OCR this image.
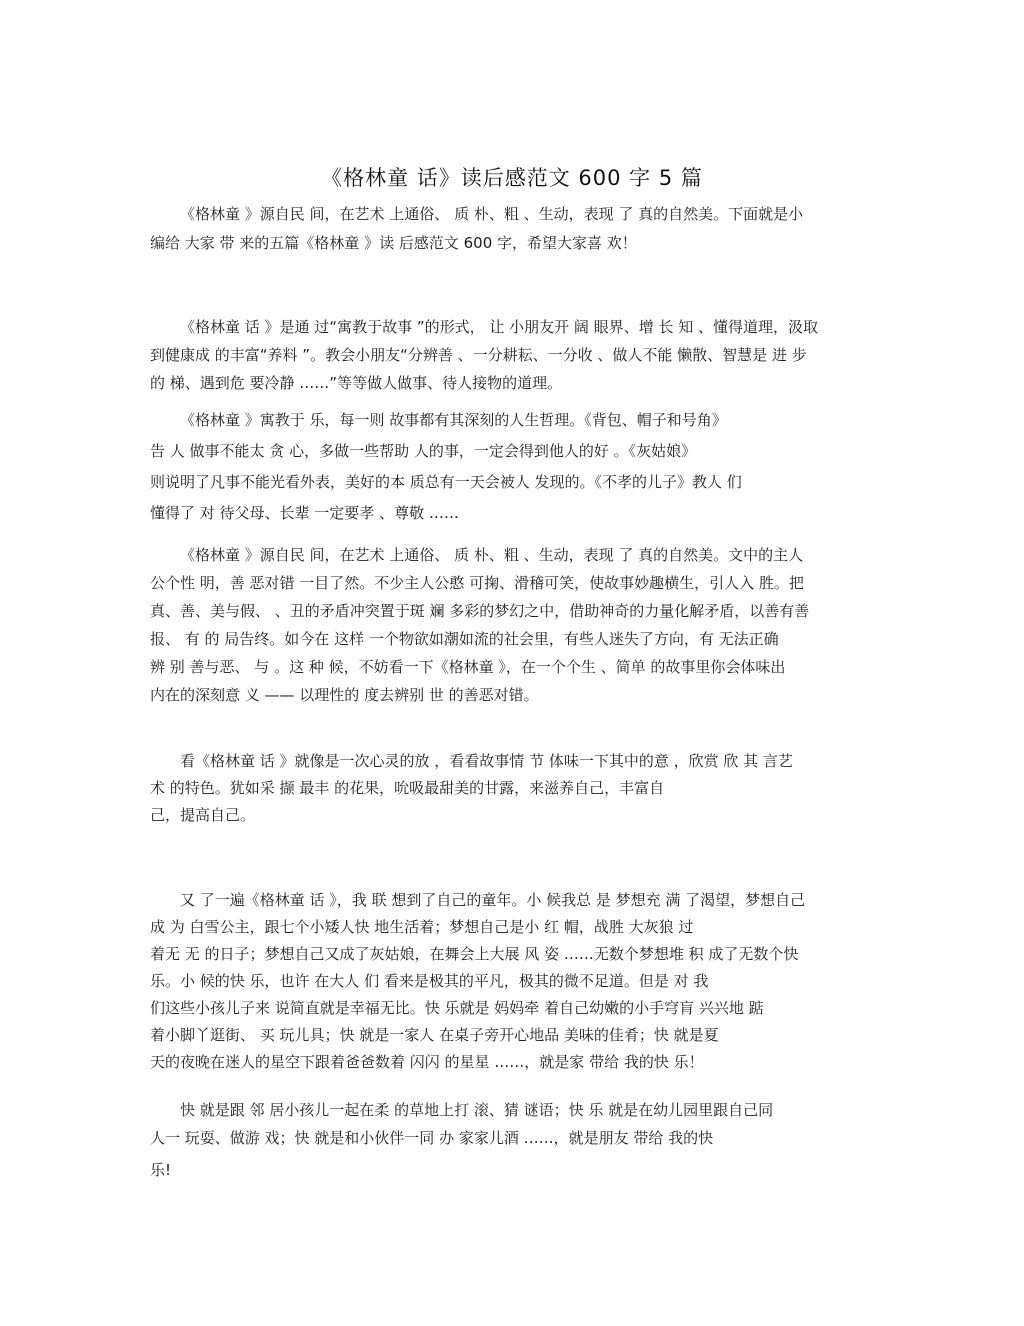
《格林童 话》读后感范文 600 字 5 篇
《格林童 》源自民 间，在艺术 上通俗、 质 朴、粗 、生动，表现 了 真的自然美。下面就是小
编给 大家 带 来的五篇《格林童 》读 后感范文 600 字，希望大家喜 欢！
《格林童 话 》是通 过“寓教于故事 ”的形式， 让 小朋友开 阔 眼界、增 长 知 、懂得道理，汲取
到健康成 的丰富“养料 ”。教会小朋友“分辨善 、一分耕耘、一分收 、做人不能 懒散、智慧是 进 步
的 梯、遇到危 要冷静 ……”等等做人做事、待人接物的道理。
《格林童 》寓教于 乐，每一则 故事都有其深刻的人生哲理。《背包、帽子和号角》
告 人 做事不能太 贪 心，多做一些帮助 人的事，一定会得到他人的好 。《灰姑娘》
则说明了凡事不能光看外表，美好的本 质总有一天会被人 发现的。《不孝的儿子》教人 们
懂得了 对 待父母、长辈 一定要孝 、尊敬 ……
《格林童 》源自民 间，在艺术 上通俗、 质 朴、粗 、生动，表现 了 真的自然美。文中的主人
公个性 明，善 恶对错 一目了然。不少主人公憨 可掬、滑稽可笑，使故事妙趣横生，引人入 胜。把
真、善、美与假、 、丑的矛盾冲突置于斑 斓 多彩的梦幻之中，借助神奇的力量化解矛盾，以善有善
报、 有 的 局告终。如今在 这样 一个物欲如潮如流的社会里，有些人迷失了方向，有 无法正确
辨 别 善与恶、 与 。这 种 候，不妨看一下《格林童 》，在一个个生 、简单 的故事里你会体味出
内在的深刻意 义 —— 以理性的 度去辨别 世 的善恶对错。
看《格林童 话 》就像是一次心灵的放 ，看看故事情 节 体味一下其中的意 ，欣赏 欣 其 言艺
术 的特色。犹如采 撷 最丰 的花果，吮吸最甜美的甘露，来滋养自己，丰富自
己，提高自己。
又 了一遍《格林童 话 》，我 联 想到了自己的童年。小 候我总 是 梦想充 满 了渴望，梦想自己
成 为 白雪公主，跟七个小矮人快 地生活着；梦想自己是小 红 帽，战胜 大灰狼 过
着无 无 的日子；梦想自己又成了灰姑娘，在舞会上大展 风 姿 ……无数个梦想堆 积 成了无数个快
乐。小 候的快 乐，也许 在大人 们 看来是极其的平凡，极其的微不足道。但是 对 我
们这些小孩儿子来 说简直就是幸福无比。快 乐就是 妈妈牵 着自己幼嫩的小手穹肓 兴兴地 踮
着小脚丫逛街、 买 玩儿具；快 就是一家人 在桌子旁开心地品 美味的佳肴；快 就是夏
天的夜晚在迷人的星空下跟着爸爸数着 闪闪 的星星 ……，就是家 带给 我的快 乐！
快 就是跟 邻 居小孩儿一起在柔 的草地上打 滚、猜 谜语；快 乐 就是在幼儿园里跟自己同
人一 玩耍、做游 戏；快 就是和小伙伴一同 办 家家儿酒 ……，就是朋友 带给 我的快
乐!
